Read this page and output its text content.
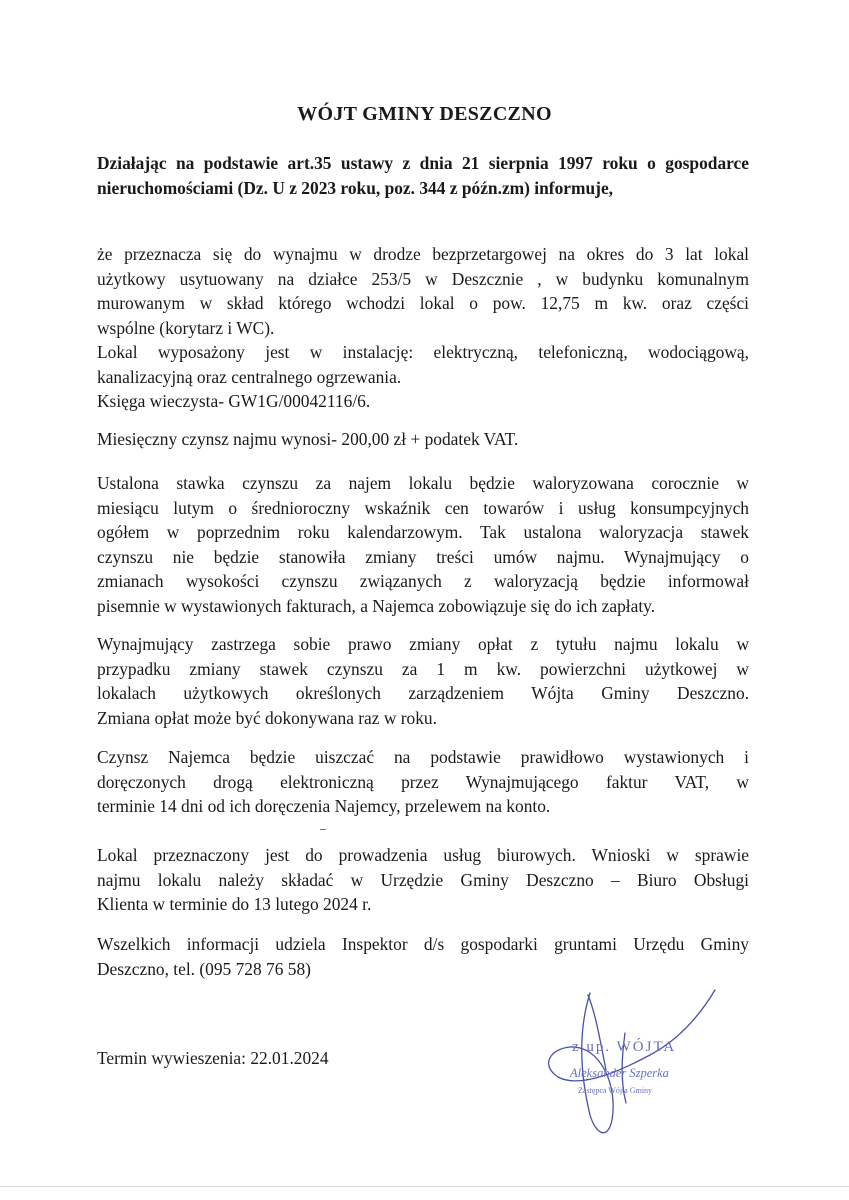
WÓJT GMINY DESZCZNO
Działając na podstawie art.35 ustawy z dnia 21 sierpnia 1997 roku o gospodarce nieruchomościami (Dz. U z 2023 roku, poz. 344 z późn.zm) informuje,
że przeznacza się do wynajmu w drodze bezprzetargowej na okres do 3 lat lokal
użytkowy usytuowany na działce 253/5 w Deszcznie , w budynku komunalnym
murowanym w skład którego wchodzi lokal o pow. 12,75 m kw. oraz części
wspólne (korytarz i WC).
Lokal wyposażony jest w instalację: elektryczną, telefoniczną, wodociągową,
kanalizacyjną oraz centralnego ogrzewania.
Księga wieczysta- GW1G/00042116/6.
Miesięczny czynsz najmu wynosi- 200,00 zł + podatek VAT.
Ustalona stawka czynszu za najem lokalu będzie waloryzowana corocznie w
miesiącu lutym o średnioroczny wskaźnik cen towarów i usług konsumpcyjnych
ogółem w poprzednim roku kalendarzowym. Tak ustalona waloryzacja stawek
czynszu nie będzie stanowiła zmiany treści umów najmu. Wynajmujący o
zmianach wysokości czynszu związanych z waloryzacją będzie informował
pisemnie w wystawionych fakturach, a Najemca zobowiązuje się do ich zapłaty.
Wynajmujący zastrzega sobie prawo zmiany opłat z tytułu najmu lokalu w
przypadku zmiany stawek czynszu za 1 m kw. powierzchni użytkowej w
lokalach użytkowych określonych zarządzeniem Wójta Gminy Deszczno.
Zmiana opłat może być dokonywana raz w roku.
Czynsz Najemca będzie uiszczać na podstawie prawidłowo wystawionych i
doręczonych drogą elektroniczną przez Wynajmującego faktur VAT, w
terminie 14 dni od ich doręczenia Najemcy, przelewem na konto.
Lokal przeznaczony jest do prowadzenia usług biurowych. Wnioski w sprawie
najmu lokalu należy składać w Urzędzie Gminy Deszczno – Biuro Obsługi
Klienta w terminie do 13 lutego 2024 r.
Wszelkich informacji udziela Inspektor d/s gospodarki gruntami Urzędu Gminy
Deszczno, tel. (095 728 76 58)
Termin wywieszenia: 22.01.2024
z up. WÓJTA
Aleksander Szperka
Zastępca Wójta Gminy
